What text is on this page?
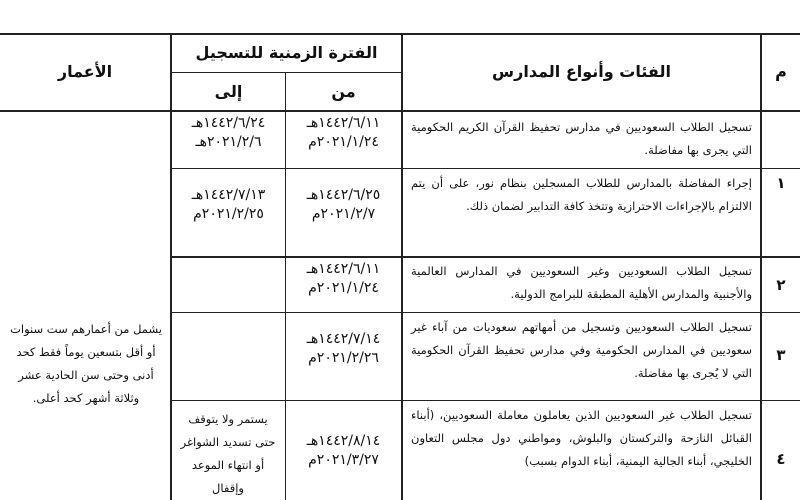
م
الفئات وأنواع المدارس
الفترة الزمنية للتسجيل
من
إلى
الأعمار
تسجيل الطلاب السعوديين في مدارس تحفيظ القرآن الكريم الحكومية التي يجرى بها مفاضلة.
١٤٤٢/٦/١١هـ
٢٠٢١/١/٢٤م
١٤٤٢/٦/٢٤هـ
٢٠٢١/٢/٦هـ
١
إجراء المفاضلة بالمدارس للطلاب المسجلين بنظام نور، على أن يتم الالتزام بالإجراءات الاحترازية وتتخذ كافة التدابير لضمان ذلك.
١٤٤٢/٦/٢٥هـ
٢٠٢١/٢/٧م
١٤٤٢/٧/١٣هـ
٢٠٢١/٢/٢٥م
٢
تسجيل الطلاب السعوديين وغير السعوديين في المدارس العالمية والأجنبية والمدارس الأهلية المطبقة للبرامج الدولية.
١٤٤٢/٦/١١هـ
٢٠٢١/١/٢٤م
٣
تسجيل الطلاب السعوديين وتسجيل من أمهاتهم سعوديات من آباء غير سعوديين في المدارس الحكومية وفي مدارس تحفيظ القرآن الحكومية التي لا يُجرى بها مفاضلة.
١٤٤٢/٧/١٤هـ
٢٠٢١/٢/٢٦م
٤
تسجيل الطلاب غير السعوديين الذين يعاملون معاملة السعوديين، (أبناء القبائل النازحة والتركستان والبلوش، ومواطني دول مجلس التعاون الخليجي، أبناء الجالية اليمنية، أبناء الدوام بسبب)
١٤٤٢/٨/١٤هـ
٢٠٢١/٣/٢٧م
يستمر ولا يتوقف حتى تسديد الشواغر أو انتهاء الموعد وإقفال
يشمل من أعمارهم ست سنوات أو أقل بتسعين يوماً فقط كحد أدنى وحتى سن الحادية عشر وثلاثة أشهر كحد أعلى.
